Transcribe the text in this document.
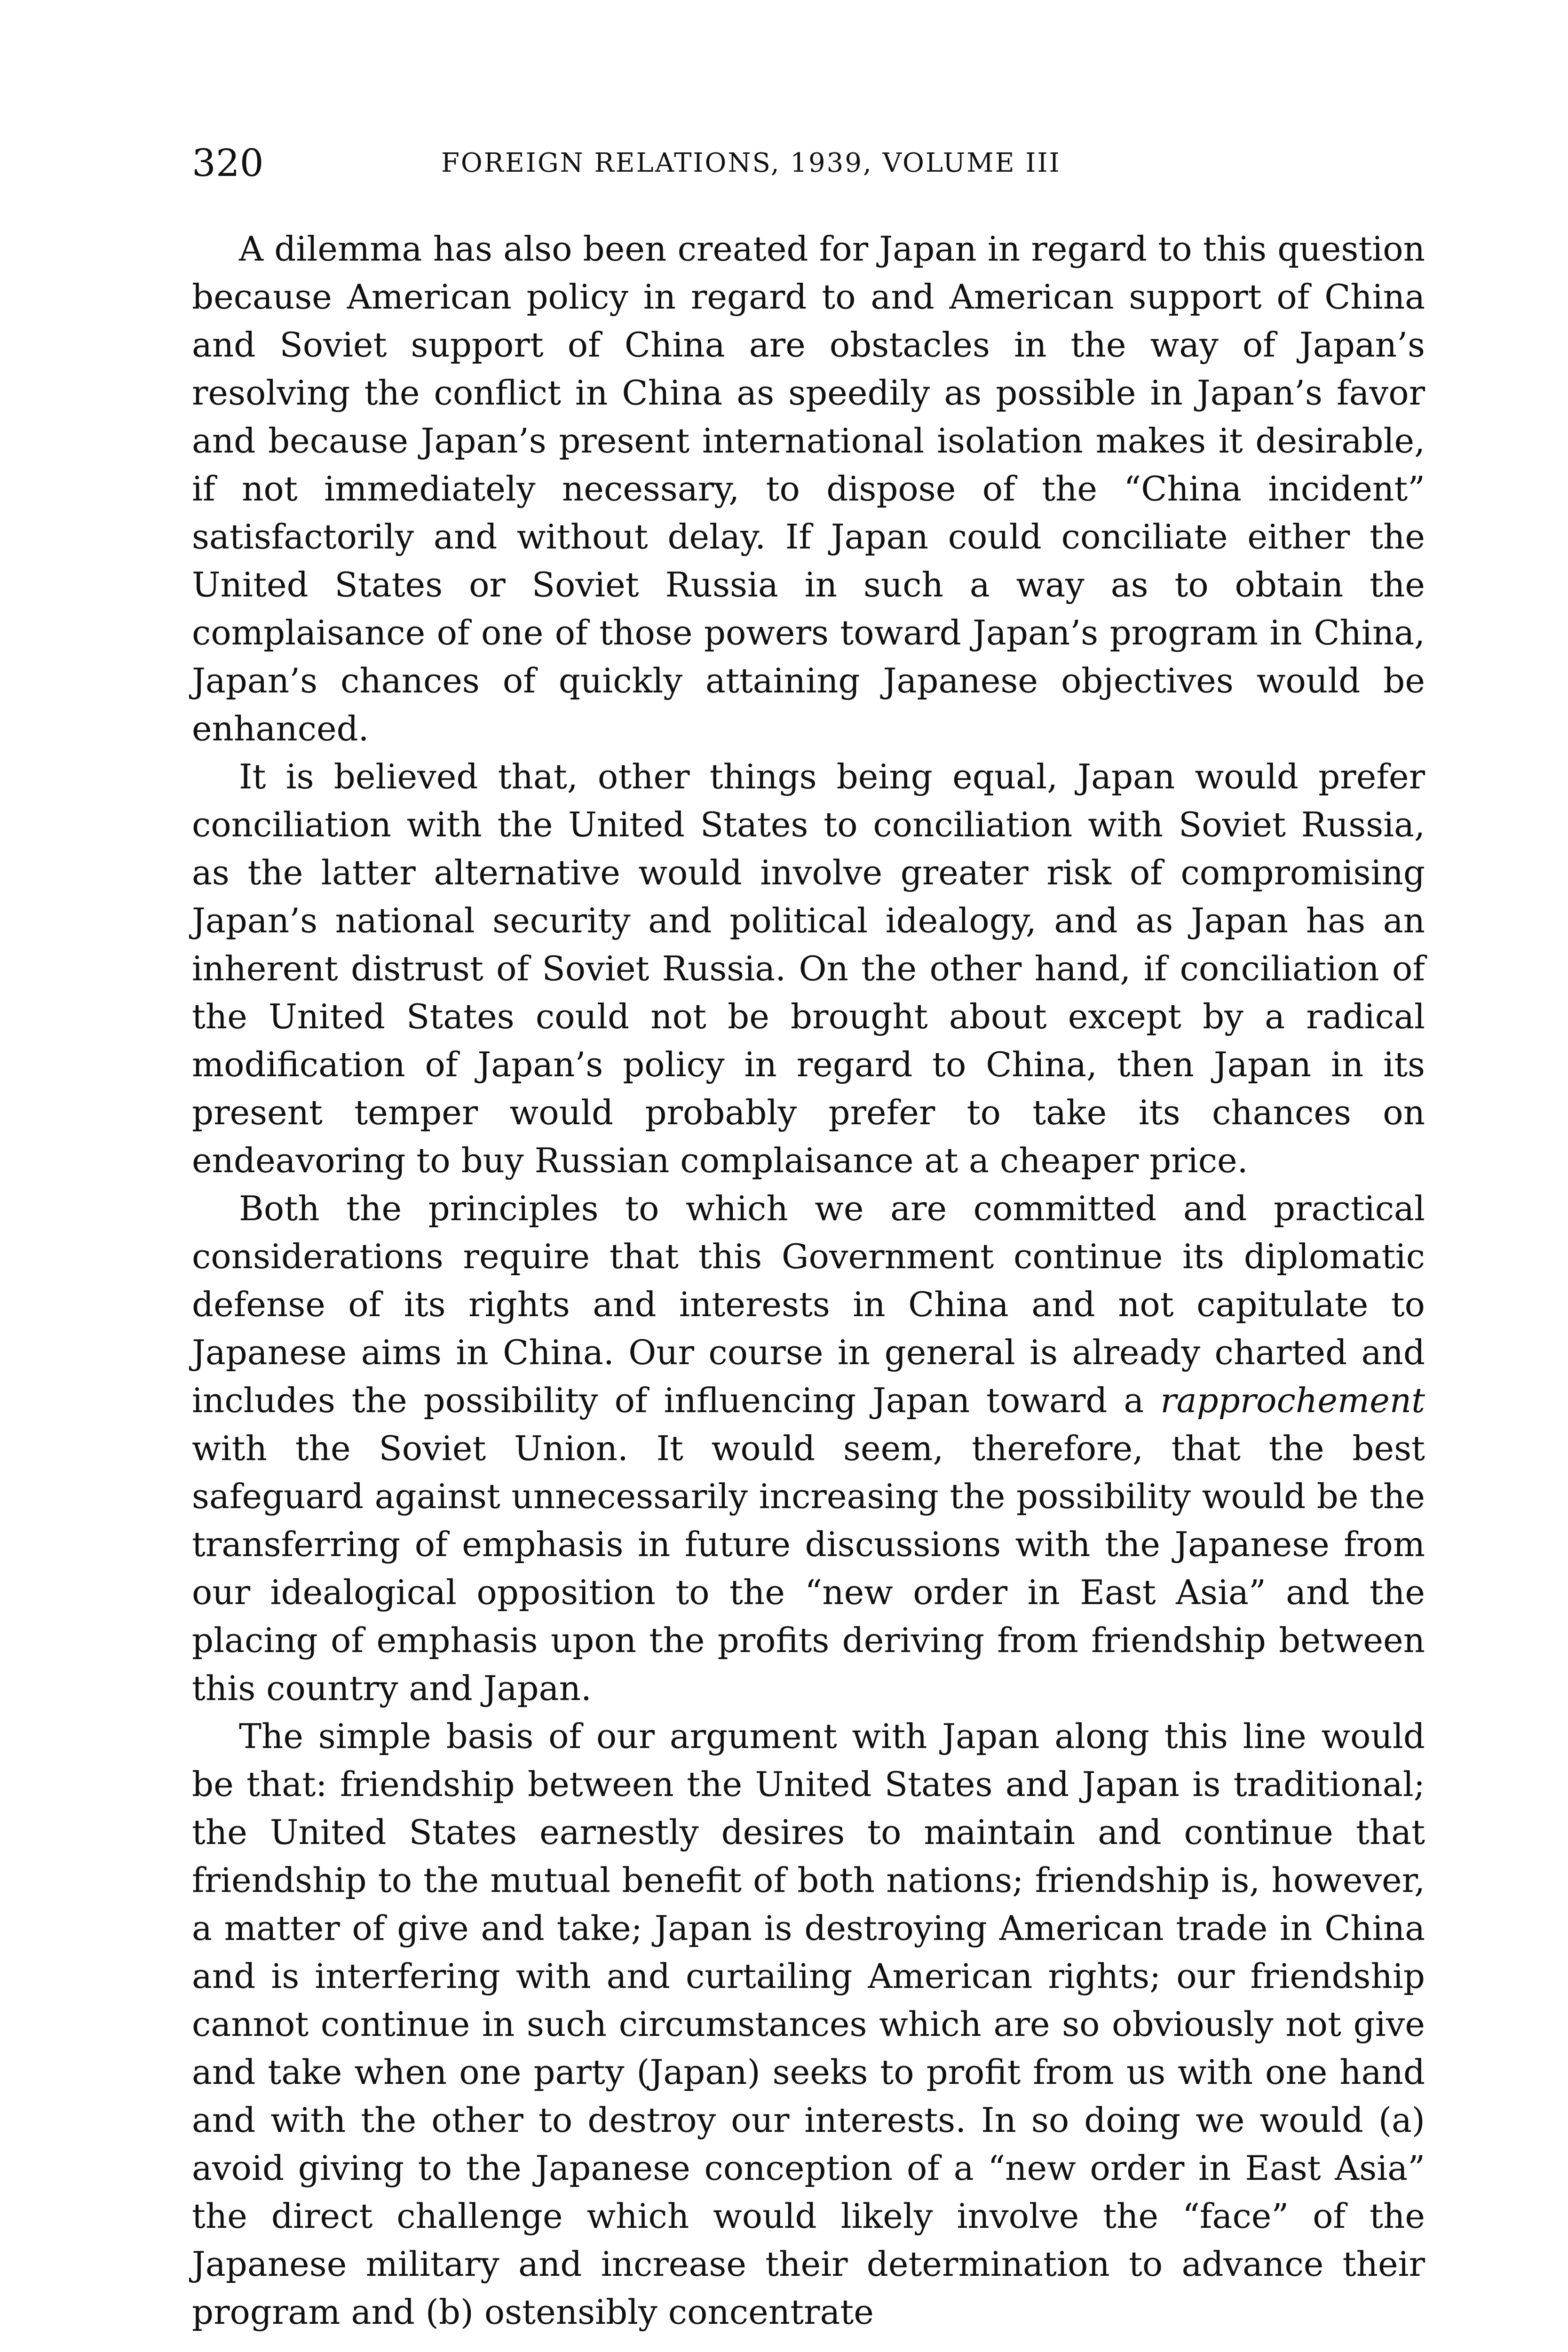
320	FOREIGN RELATIONS, 1939, VOLUME III

A dilemma has also been created for Japan in regard to this question because American policy in regard to and American support of China and Soviet support of China are obstacles in the way of Japan’s resolving the conflict in China as speedily as possible in Japan’s favor and because Japan’s present international isolation makes it desirable, if not immediately necessary, to dispose of the “China incident” satisfactorily and without delay. If Japan could conciliate either the United States or Soviet Russia in such a way as to obtain the complaisance of one of those powers toward Japan’s program in China, Japan’s chances of quickly attaining Japanese objectives would be enhanced.

It is believed that, other things being equal, Japan would prefer conciliation with the United States to conciliation with Soviet Russia, as the latter alternative would involve greater risk of compromising Japan’s national security and political idealogy, and as Japan has an inherent distrust of Soviet Russia. On the other hand, if conciliation of the United States could not be brought about except by a radical modification of Japan’s policy in regard to China, then Japan in its present temper would probably prefer to take its chances on endeavoring to buy Russian complaisance at a cheaper price.

Both the principles to which we are committed and practical considerations require that this Government continue its diplomatic defense of its rights and interests in China and not capitulate to Japanese aims in China. Our course in general is already charted and includes the possibility of influencing Japan toward a rapprochement with the Soviet Union. It would seem, therefore, that the best safeguard against unnecessarily increasing the possibility would be the transferring of emphasis in future discussions with the Japanese from our idealogical opposition to the “new order in East Asia” and the placing of emphasis upon the profits deriving from friendship between this country and Japan.

The simple basis of our argument with Japan along this line would be that: friendship between the United States and Japan is traditional; the United States earnestly desires to maintain and continue that friendship to the mutual benefit of both nations; friendship is, however, a matter of give and take; Japan is destroying American trade in China and is interfering with and curtailing American rights; our friendship cannot continue in such circumstances which are so obviously not give and take when one party (Japan) seeks to profit from us with one hand and with the other to destroy our interests. In so doing we would (a) avoid giving to the Japanese conception of a “new order in East Asia” the direct challenge which would likely involve the “face” of the Japanese military and increase their determination to advance their program and (b) ostensibly concentrate
